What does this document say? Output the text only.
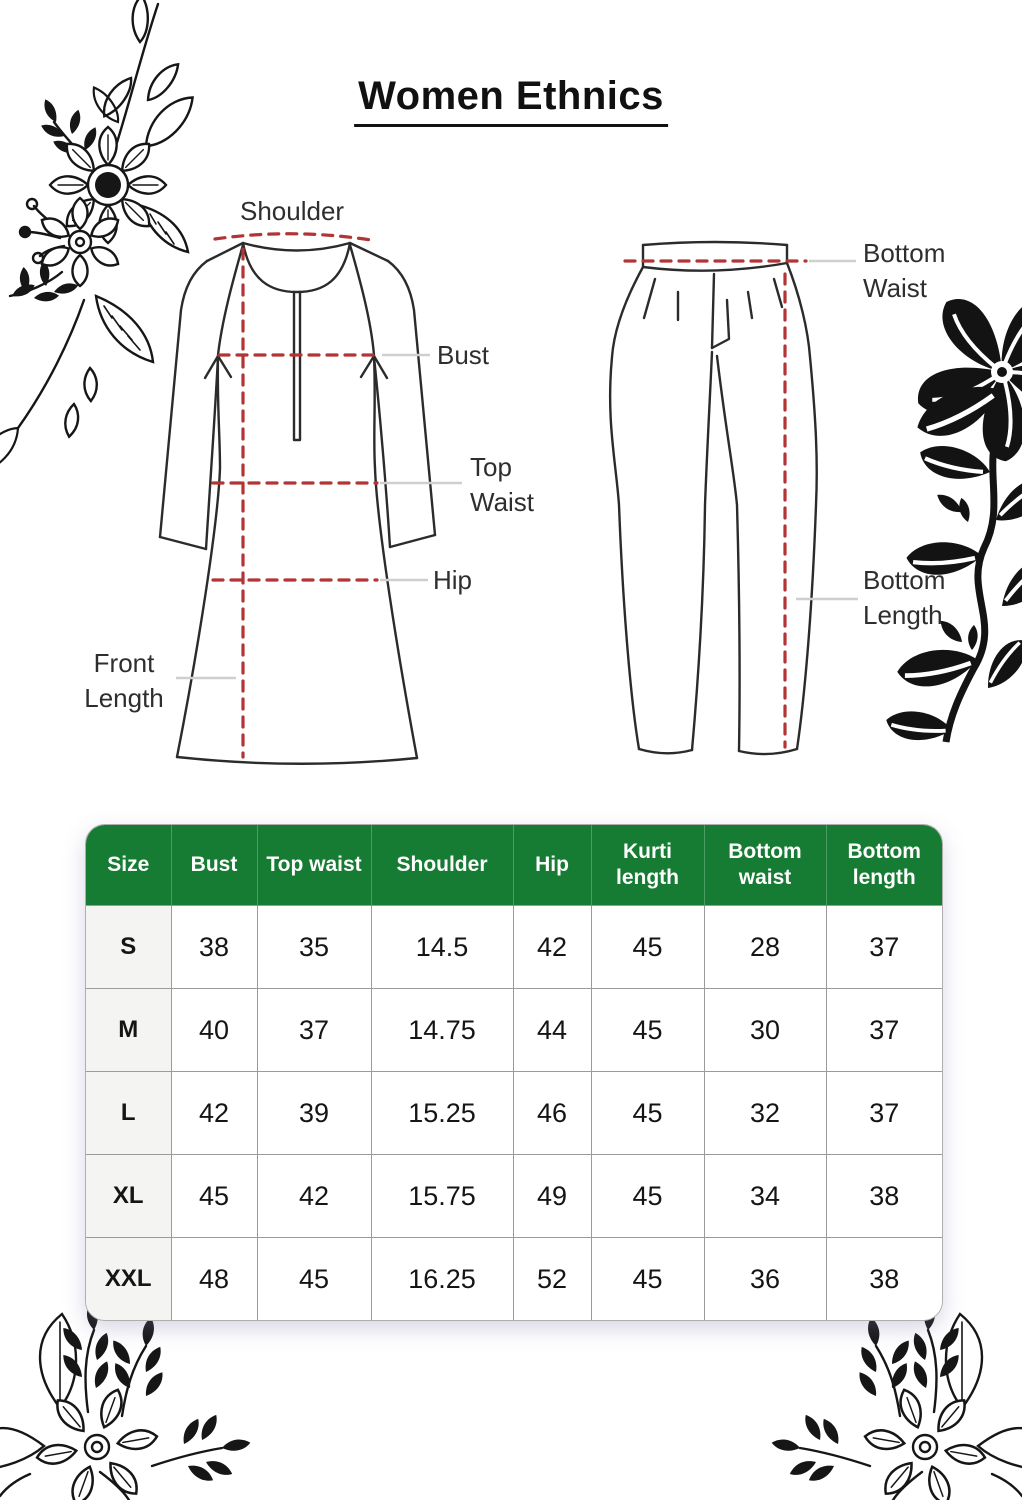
Women Ethnics
Shoulder
Bust
Top
Waist
Hip
Front
Length
Bottom
Waist
Bottom
Length
Size	Bust	Top waist	Shoulder	Hip	Kurti length	Bottom waist	Bottom length
S	38	35	14.5	42	45	28	37
M	40	37	14.75	44	45	30	37
L	42	39	15.25	46	45	32	37
XL	45	42	15.75	49	45	34	38
XXL	48	45	16.25	52	45	36	38
